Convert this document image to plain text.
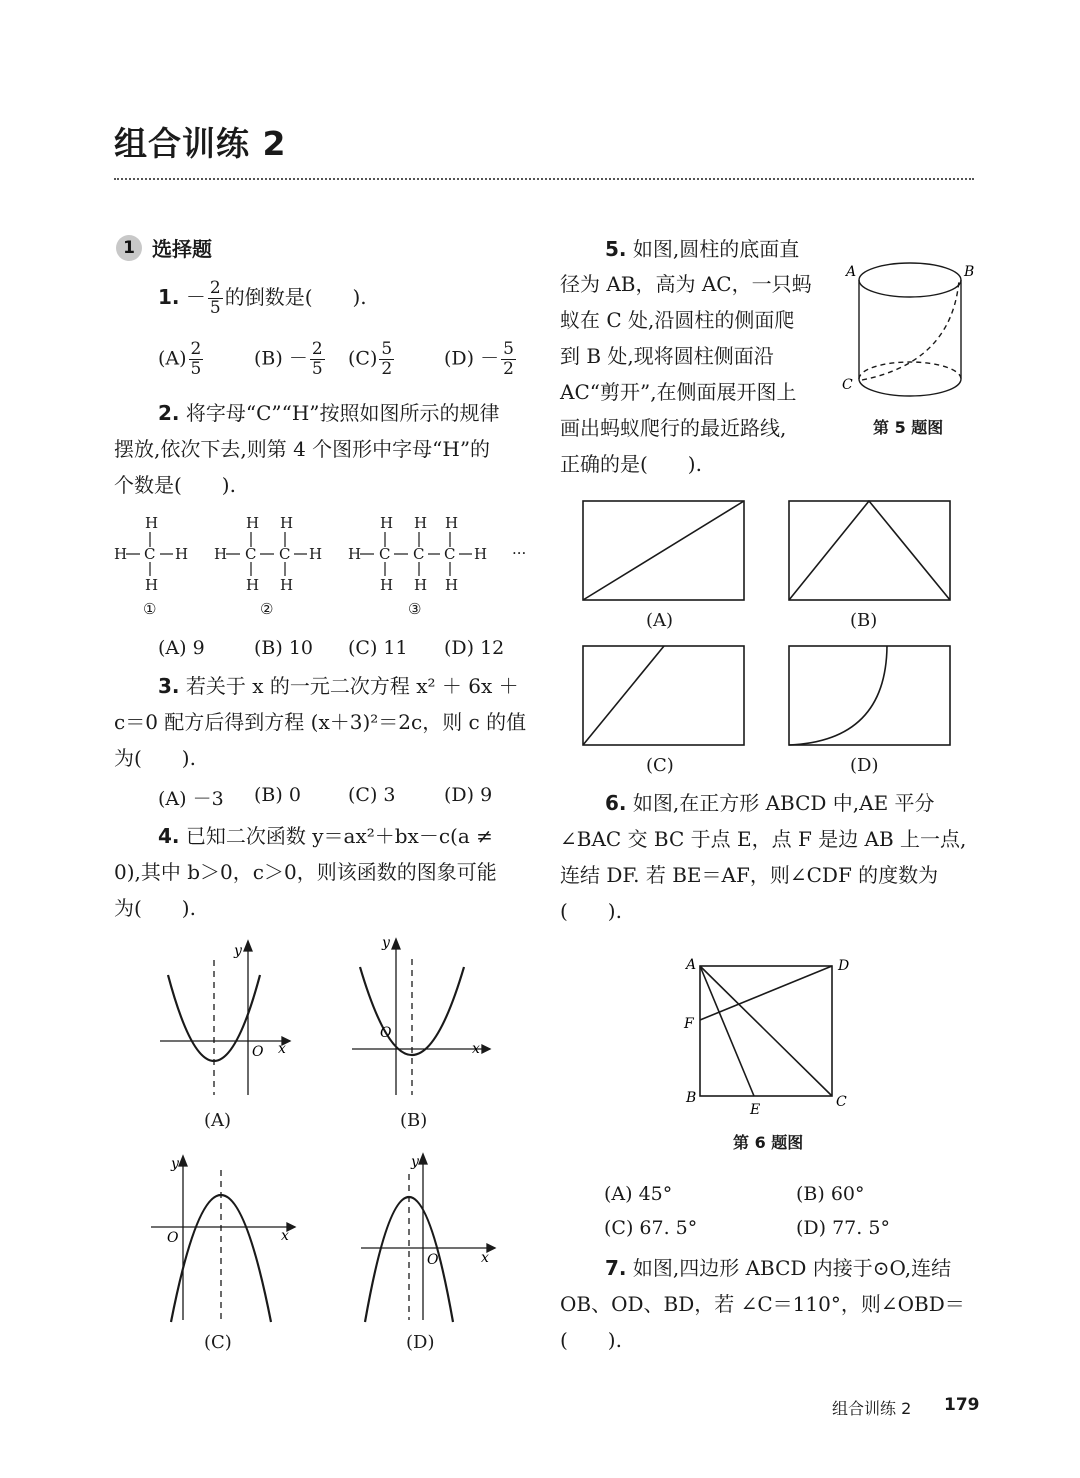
组合训练 2
1 选择题
1. － $\frac{2}{5}$ 的倒数是(　　).
$(A) \frac{2}{5}$	$(B) - \frac{2}{5} (C) \frac{5}{2}$	$(D) - \frac{5}{2}$
2. 将字母“C”“H”按照如图所示的规律
摆放,依次下去,则第 4 个图形中字母“H”的
个数是(　　).
H
H C H
H
①
H H
H C C H
H H
②
H H H
H C C C H
H H H
③
···
(A) 9	(B) 10 (C) 11 (D) 12
3. 若关于 x 的一元二次方程 x² ＋ 6x ＋
c＝0 配方后得到方程 (x＋3)²＝2c，则 c 的值
为(　　).
(A) －3 (B) 0 (C) 3	(D) 9
4. 已知二次函数 y＝ax²＋bx－c(a ≠
0),其中 b＞0，c＞0，则该函数的图象可能
为(　　).
y
x
O
(A)
y
x
O
(B)
y
x
O
(C)
y
x
O
(D)
5. 如图,圆柱的底面直
径为 AB，高为 AC，一只蚂
蚁在 C 处,沿圆柱的侧面爬
到 B 处,现将圆柱侧面沿
AC“剪开”,在侧面展开图上
画出蚂蚁爬行的最近路线,
正确的是(　　).
A	B
C
第 5 题图
(A)	(B)
(C)	(D)
6. 如图,在正方形 ABCD 中,AE 平分
∠BAC 交 BC 于点 E，点 F 是边 AB 上一点,
连结 DF. 若 BE＝AF，则∠CDF 的度数为
(　　).
A	D
F
B
E	C
第 6 题图
(A) 45°	(B) 60°
(C) 67. 5°	(D) 77. 5°
7. 如图,四边形 ABCD 内接于⊙O,连结
OB、OD、BD，若 ∠C＝110°，则∠OBD＝
(　　).
组合训练 2 179
